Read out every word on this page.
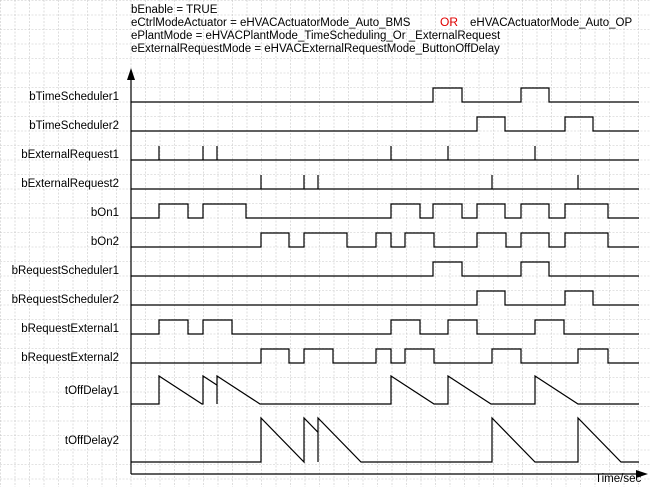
bEnable = TRUE
eCtrlModeActuator = eHVACActuatorMode_Auto_BMS OR eHVACActuatorMode_Auto_OP
ePlantMode = eHVACPlantMode_TimeScheduling_Or _ExternalRequest
eExternalRequestMode = eHVACExternalRequestMode_ButtonOffDelay
Time/sec
bTimeScheduler1
bTimeScheduler2
bExternalRequest1
bExternalRequest2
bOn1
bOn2
bRequestScheduler1
bRequestScheduler2
bRequestExternal1
bRequestExternal2
tOffDelay1
tOffDelay2
